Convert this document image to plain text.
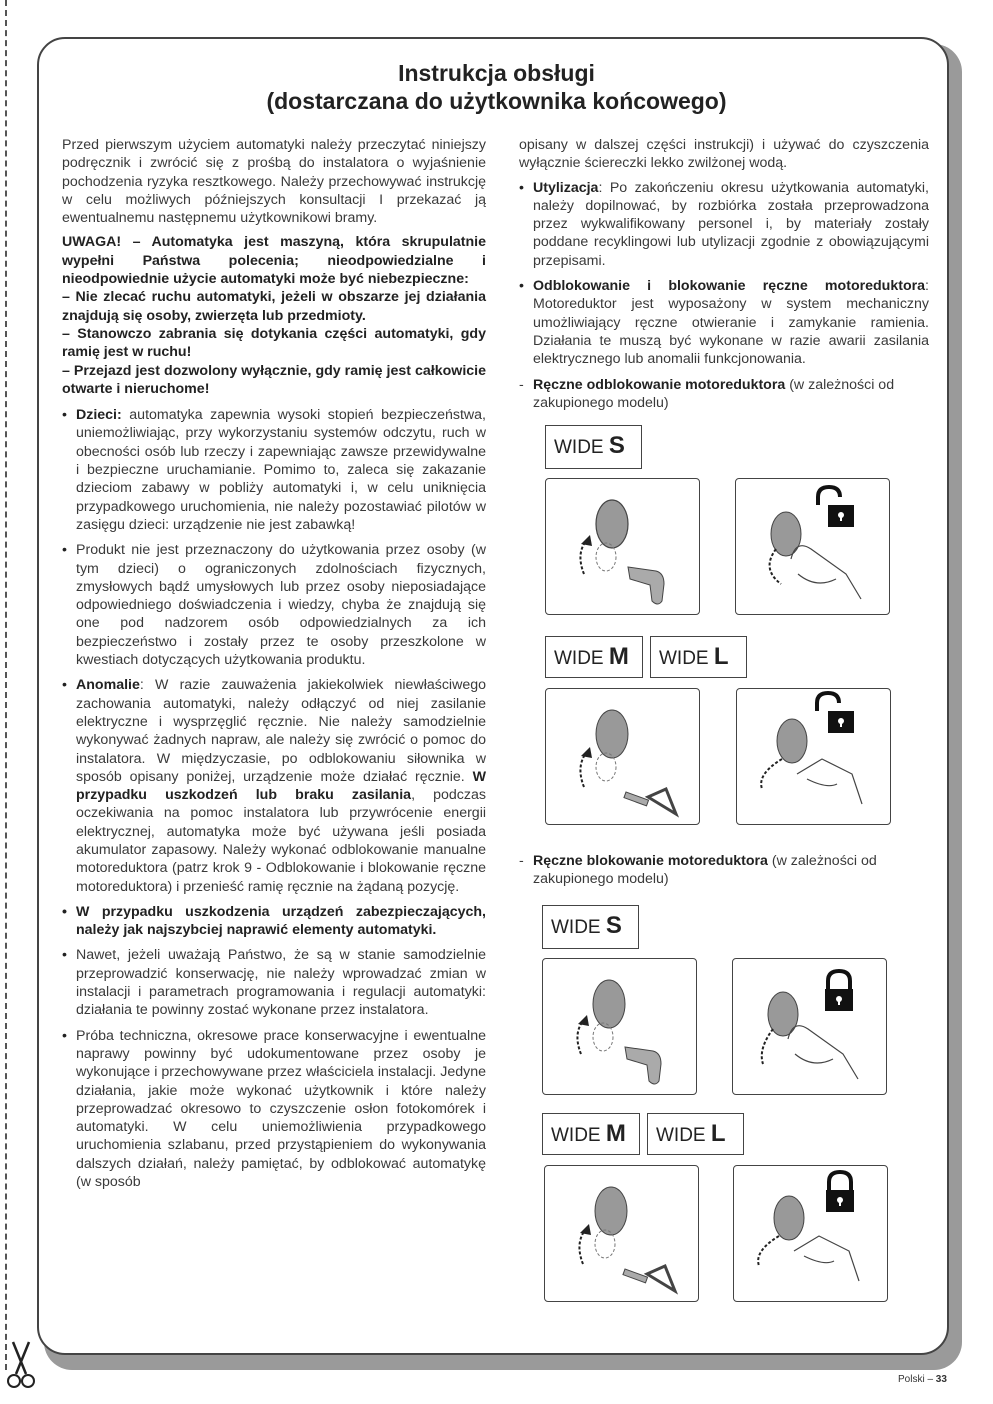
Instrukcja obsługi
(dostarczana do użytkownika końcowego)

Przed pierwszym użyciem automatyki należy przeczytać niniejszy podręcznik i zwrócić się z prośbą do instalatora o wyjaśnienie pochodzenia ryzyka resztkowego. Należy przechowywać instrukcję w celu możliwych późniejszych konsultacji I przekazać ją ewentualnemu następnemu użytkownikowi bramy.

UWAGA! – Automatyka jest maszyną, która skrupulatnie wypełni Państwa polecenia; nieodpowiedzialne i nieodpowiednie użycie automatyki może być niebezpieczne:

– Nie zlecać ruchu automatyki, jeżeli w obszarze jej działania znajdują się osoby, zwierzęta lub przedmioty.

– Stanowczo zabrania się dotykania części automatyki, gdy ramię jest w ruchu!

– Przejazd jest dozwolony wyłącznie, gdy ramię jest całkowicie otwarte i nieruchome!

• Dzieci: automatyka zapewnia wysoki stopień bezpieczeństwa, uniemożliwiając, przy wykorzystaniu systemów odczytu, ruch w obecności osób lub rzeczy i zapewniając zawsze przewidywalne i bezpieczne uruchamianie. Pomimo to, zaleca się zakazanie dzieciom zabawy w pobliży automatyki i, w celu uniknięcia przypadkowego uruchomienia, nie należy pozostawiać pilotów w zasięgu dzieci: urządzenie nie jest zabawką!
• Produkt nie jest przeznaczony do użytkowania przez osoby (w tym dzieci) o ograniczonych zdolnościach fizycznych, zmysłowych bądź umysłowych lub przez osoby nieposiadające odpowiedniego doświadczenia i wiedzy, chyba że znajdują się one pod nadzorem osób odpowiedzialnych za ich bezpieczeństwo i zostały przez te osoby przeszkolone w kwestiach dotyczących użytkowania produktu.
• Anomalie: W razie zauważenia jakiekolwiek niewłaściwego zachowania automatyki, należy odłączyć od niej zasilanie elektryczne i wysprzęglić ręcznie. Nie należy samodzielnie wykonywać żadnych napraw, ale należy się zwrócić o pomoc do instalatora. W międzyczasie, po odblokowaniu siłownika w sposób opisany poniżej, urządzenie może działać ręcznie. W przypadku uszkodzeń lub braku zasilania, podczas oczekiwania na pomoc instalatora lub przywrócenie energii elektrycznej, automatyka może być używana jeśli posiada akumulator zapasowy. Należy wykonać odblokowanie manualne motoreduktora (patrz krok 9 - Odblokowanie i blokowanie ręczne motoreduktora) i przenieść ramię ręcznie na żądaną pozycję.
• W przypadku uszkodzenia urządzeń zabezpieczających, należy jak najszybciej naprawić elementy automatyki.
• Nawet, jeżeli uważają Państwo, że są w stanie samodzielnie przeprowadzić konserwację, nie należy wprowadzać zmian w instalacji i parametrach programowania i regulacji automatyki: działania te powinny zostać wykonane przez instalatora.
• Próba techniczna, okresowe prace konserwacyjne i ewentualne naprawy powinny być udokumentowane przez osoby je wykonujące i przechowywane przez właściciela instalacji. Jedyne działania, jakie może wykonać użytkownik i które należy przeprowadzać okresowo to czyszczenie osłon fotokomórek i automatyki. W celu uniemożliwienia przypadkowego uruchomienia szlabanu, przed przystąpieniem do wykonywania dalszych działań, należy pamiętać, by odblokować automatykę (w sposób

opisany w dalszej części instrukcji) i używać do czyszczenia wyłącznie ściereczki lekko zwilżonej wodą.

• Utylizacja: Po zakończeniu okresu użytkowania automatyki, należy dopilnować, by rozbiórka została przeprowadzona przez wykwalifikowany personel i, by materiały zostały poddane recyklingowi lub utylizacji zgodnie z obowiązującymi przepisami.
• Odblokowanie i blokowanie ręczne motoreduktora: Motoreduktor jest wyposażony w system mechaniczny umożliwiający ręczne otwieranie i zamykanie ramienia. Działania te muszą być wykonane w razie awarii zasilania elektrycznego lub anomalii funkcjonowania.
- Ręczne odblokowanie motoreduktora (w zależności od zakupionego modelu)
- Ręczne blokowanie motoreduktora (w zależności od zakupionego modelu)
WIDE S
WIDE M	WIDE L
WIDE S
WIDE M	WIDE L
Polski – 33
